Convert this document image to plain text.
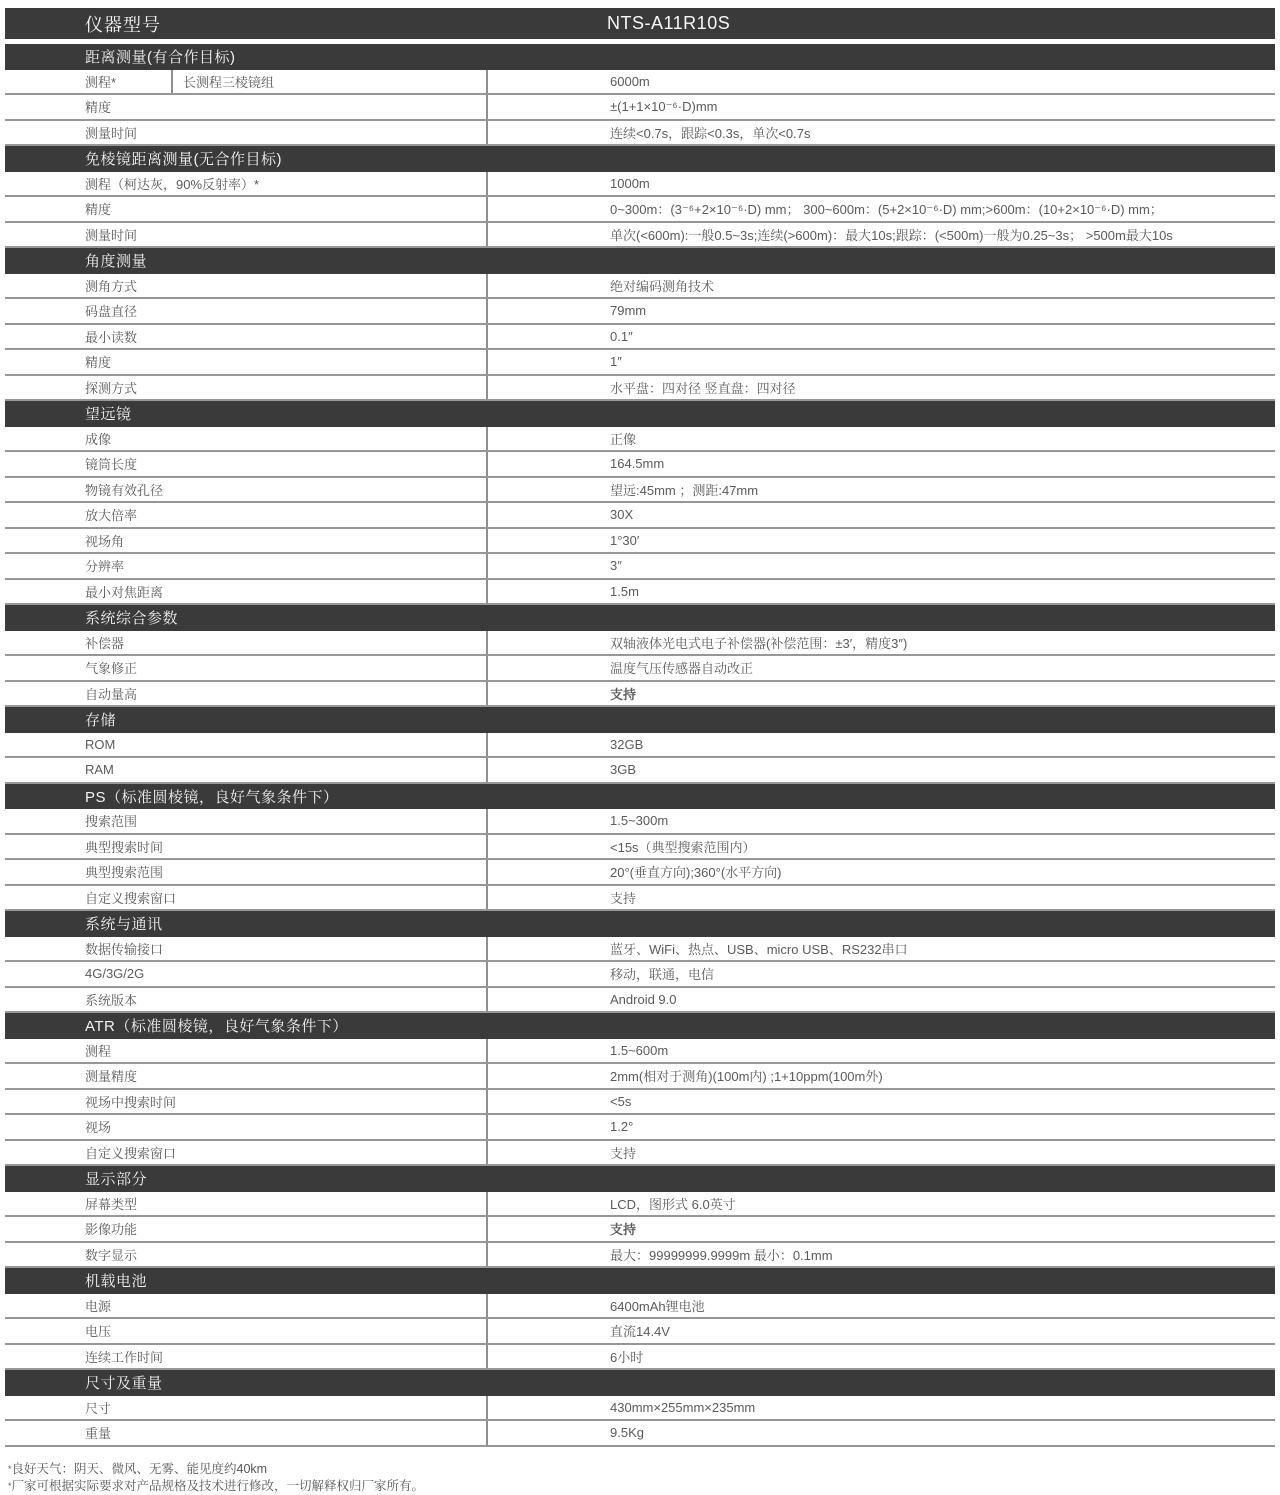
仪器型号	NTS-A11R10S
距离测量(有合作目标)
测程*	长测程三棱镜组	6000m
精度	±(1+1×10⁻⁶·D)mm
测量时间	连续<0.7s，跟踪<0.3s，单次<0.7s
免棱镜距离测量(无合作目标)
测程（柯达灰，90%反射率）*	1000m
精度	0~300m：(3⁻⁶+2×10⁻⁶·D) mm； 300~600m：(5+2×10⁻⁶·D) mm;>600m：(10+2×10⁻⁶·D) mm；
测量时间	单次(<600m):一般0.5~3s;连续(>600m)：最大10s;跟踪：(<500m)一般为0.25~3s； >500m最大10s
角度测量
测角方式	绝对编码测角技术
码盘直径	79mm
最小读数	0.1″
精度	1″
探测方式	水平盘：四对径 竖直盘：四对径
望远镜
成像	正像
镜筒长度	164.5mm
物镜有效孔径	望远:45mm ；测距:47mm
放大倍率	30X
视场角	1°30′
分辨率	3″
最小对焦距离	1.5m
系统综合参数
补偿器	双轴液体光电式电子补偿器(补偿范围：±3′，精度3″)
气象修正	温度气压传感器自动改正
自动量高	支持
存储
ROM	32GB
RAM	3GB
PS（标准圆棱镜，良好气象条件下）
搜索范围	1.5~300m
典型搜索时间	<15s（典型搜索范围内）
典型搜索范围	20°(垂直方向);360°(水平方向)
自定义搜索窗口	支持
系统与通讯
数据传输接口	蓝牙、WiFi、热点、USB、micro USB、RS232串口
4G/3G/2G	移动，联通，电信
系统版本	Android 9.0
ATR（标准圆棱镜，良好气象条件下）
测程	1.5~600m
测量精度	2mm(相对于测角)(100m内) ;1+10ppm(100m外)
视场中搜索时间	<5s
视场	1.2°
自定义搜索窗口	支持
显示部分
屏幕类型	LCD，图形式 6.0英寸
影像功能	支持
数字显示	最大：99999999.9999m 最小：0.1mm
机载电池
电源	6400mAh锂电池
电压	直流14.4V
连续工作时间	6小时
尺寸及重量
尺寸	430mm×255mm×235mm
重量	9.5Kg
*良好天气：阴天、微风、无雾、能见度约40km
*厂家可根据实际要求对产品规格及技术进行修改，一切解释权归厂家所有。
